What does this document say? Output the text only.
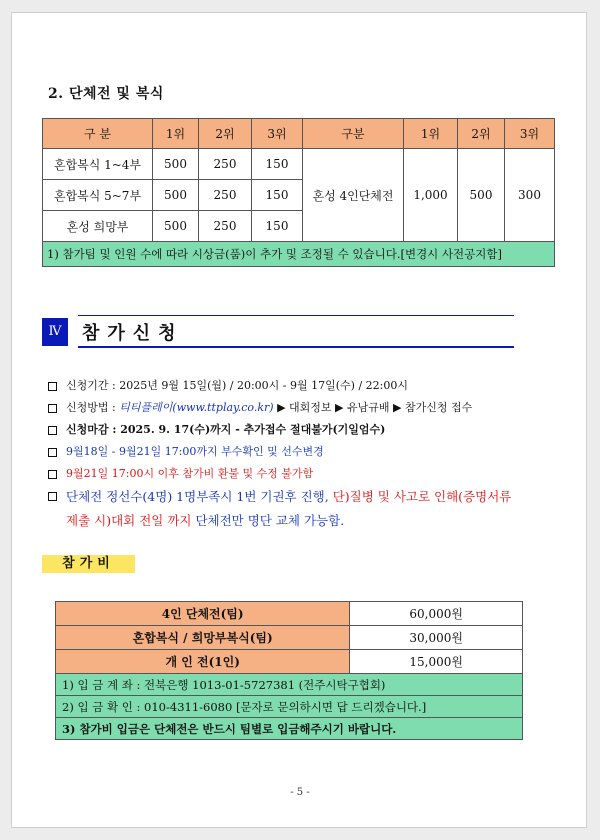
2. 단체전 및 복식
구 분	1위	2위	3위	구분	1위	2위	3위
혼합복식 1~4부	500	250	150	혼성 4인단체전	1,000	500	300
혼합복식 5~7부	500	250	150				
혼성 희망부	500	250	150				
1) 참가팀 및 인원 수에 따라 시상금(품)이 추가 및 조정될 수 있습니다.[변경시 사전공지함]							
Ⅳ	참가신청
신청기간 : 2025년 9월 15일(월) / 20:00시 - 9월 17일(수) / 22:00시
신청방법 : 티티플레이(www.ttplay.co.kr) ▶ 대회정보 ▶ 유남규배 ▶ 참가신청 접수
신청마감 : 2025. 9. 17(수)까지 - 추가접수 절대불가(기일엄수)
9월18일 - 9월21일 17:00까지 부수확인 및 선수변경
9월21일 17:00시 이후 참가비 환불 및 수정 불가함
단체전 정선수(4명) 1명부족시 1번 기권후 진행, 단)질병 및 사고로 인해(증명서류
제출 시)대회 전일 까지 단체전만 명단 교체 가능함.
참가비
4인 단체전(팀)	60,000원
혼합복식 / 희망부복식(팀)	30,000원
개 인 전(1인)	15,000원
1) 입 금 계 좌 : 전북은행 1013-01-5727381 (전주시탁구협회)	
2) 입 금 확 인 : 010-4311-6080 [문자로 문의하시면 답 드리겠습니다.]	
3) 참가비 입금은 단체전은 반드시 팀별로 입금해주시기 바랍니다.	
- 5 -
